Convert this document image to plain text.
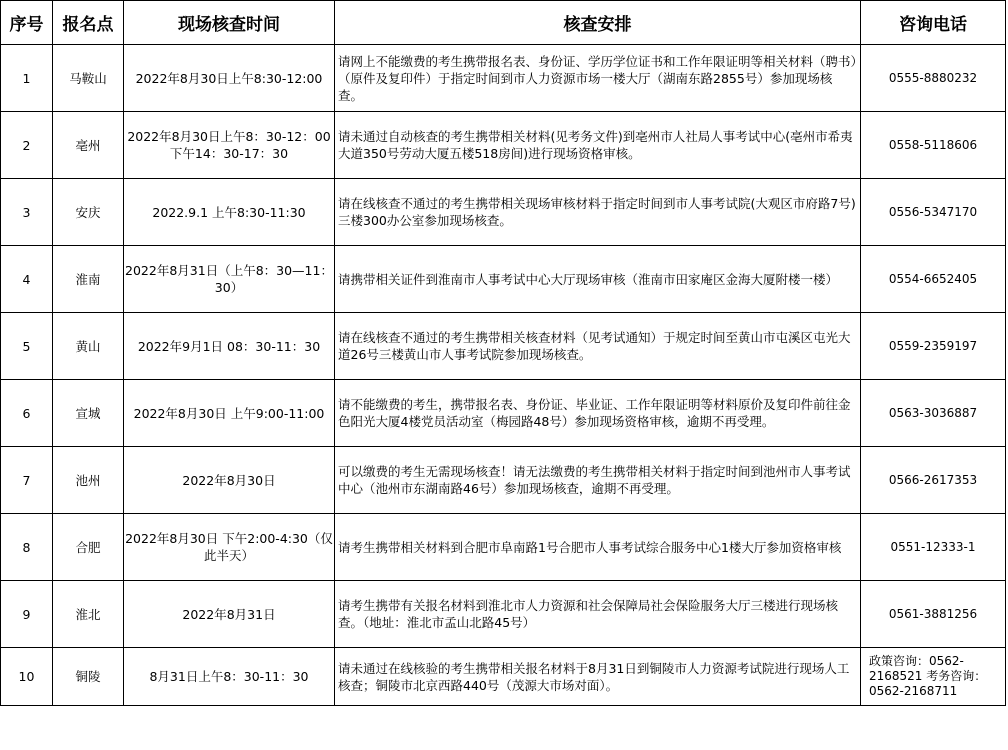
序号	报名点	现场核查时间	核查安排	咨询电话
1	马鞍山	2022年8月30日上午8:30-12:00	请网上不能缴费的考生携带报名表、身份证、学历学位证书和工作年限证明等相关材料（聘书）（原件及复印件）于指定时间到市人力资源市场一楼大厅（湖南东路2855号）参加现场核查。	0555-8880232
2	亳州	2022年8月30日上午8：30-12：00 下午14：30-17：30	请未通过自动核查的考生携带相关材料(见考务文件)到亳州市人社局人事考试中心(亳州市希夷大道350号劳动大厦五楼518房间)进行现场资格审核。	0558-5118606
3	安庆	2022.9.1 上午8:30-11:30	请在线核查不通过的考生携带相关现场审核材料于指定时间到市人事考试院(大观区市府路7号)三楼300办公室参加现场核查。	0556-5347170
4	淮南	2022年8月31日（上午8：30—11：30）	请携带相关证件到淮南市人事考试中心大厅现场审核（淮南市田家庵区金海大厦附楼一楼）	0554-6652405
5	黄山	2022年9月1日 08：30-11：30	请在线核查不通过的考生携带相关核查材料（见考试通知）于规定时间至黄山市屯溪区屯光大道26号三楼黄山市人事考试院参加现场核查。	0559-2359197
6	宣城	2022年8月30日 上午9:00-11:00	请不能缴费的考生，携带报名表、身份证、毕业证、工作年限证明等材料原价及复印件前往金色阳光大厦4楼党员活动室（梅园路48号）参加现场资格审核，逾期不再受理。	0563-3036887
7	池州	2022年8月30日	可以缴费的考生无需现场核查！请无法缴费的考生携带相关材料于指定时间到池州市人事考试中心（池州市东湖南路46号）参加现场核查，逾期不再受理。	0566-2617353
8	合肥	2022年8月30日 下午2:00-4:30（仅此半天）	请考生携带相关材料到合肥市阜南路1号合肥市人事考试综合服务中心1楼大厅参加资格审核	0551-12333-1
9	淮北	2022年8月31日	请考生携带有关报名材料到淮北市人力资源和社会保障局社会保险服务大厅三楼进行现场核查。（地址：淮北市孟山北路45号）	0561-3881256
10	铜陵	8月31日上午8：30-11：30	请未通过在线核验的考生携带相关报名材料于8月31日到铜陵市人力资源考试院进行现场人工核查；铜陵市北京西路440号（茂源大市场对面）。	政策咨询：0562-2168521 考务咨询：0562-2168711
